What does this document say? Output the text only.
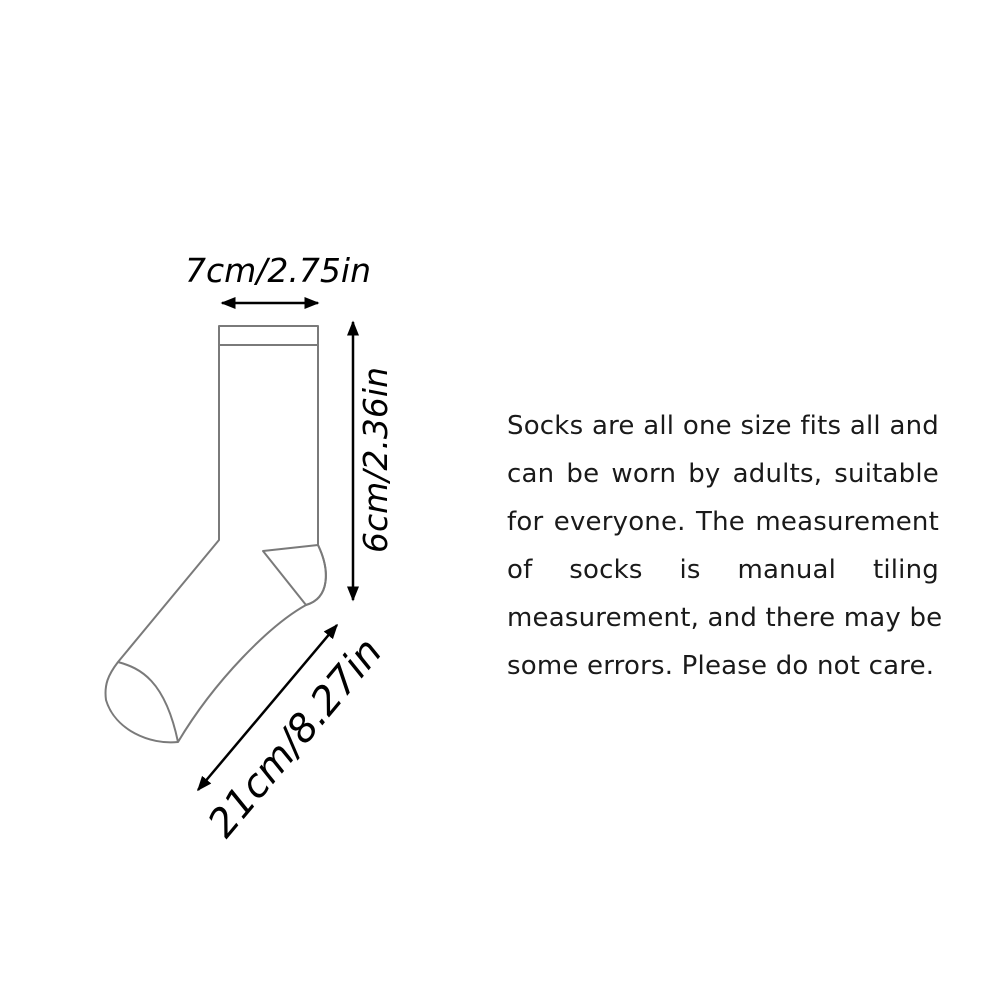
7cm/2.75in
6cm/2.36in
21cm/8.27in
Socks are all one size fits all and
can be worn by adults, suitable
for everyone. The measurement
of socks is manual tiling
measurement, and there may be
some errors. Please do not care.
